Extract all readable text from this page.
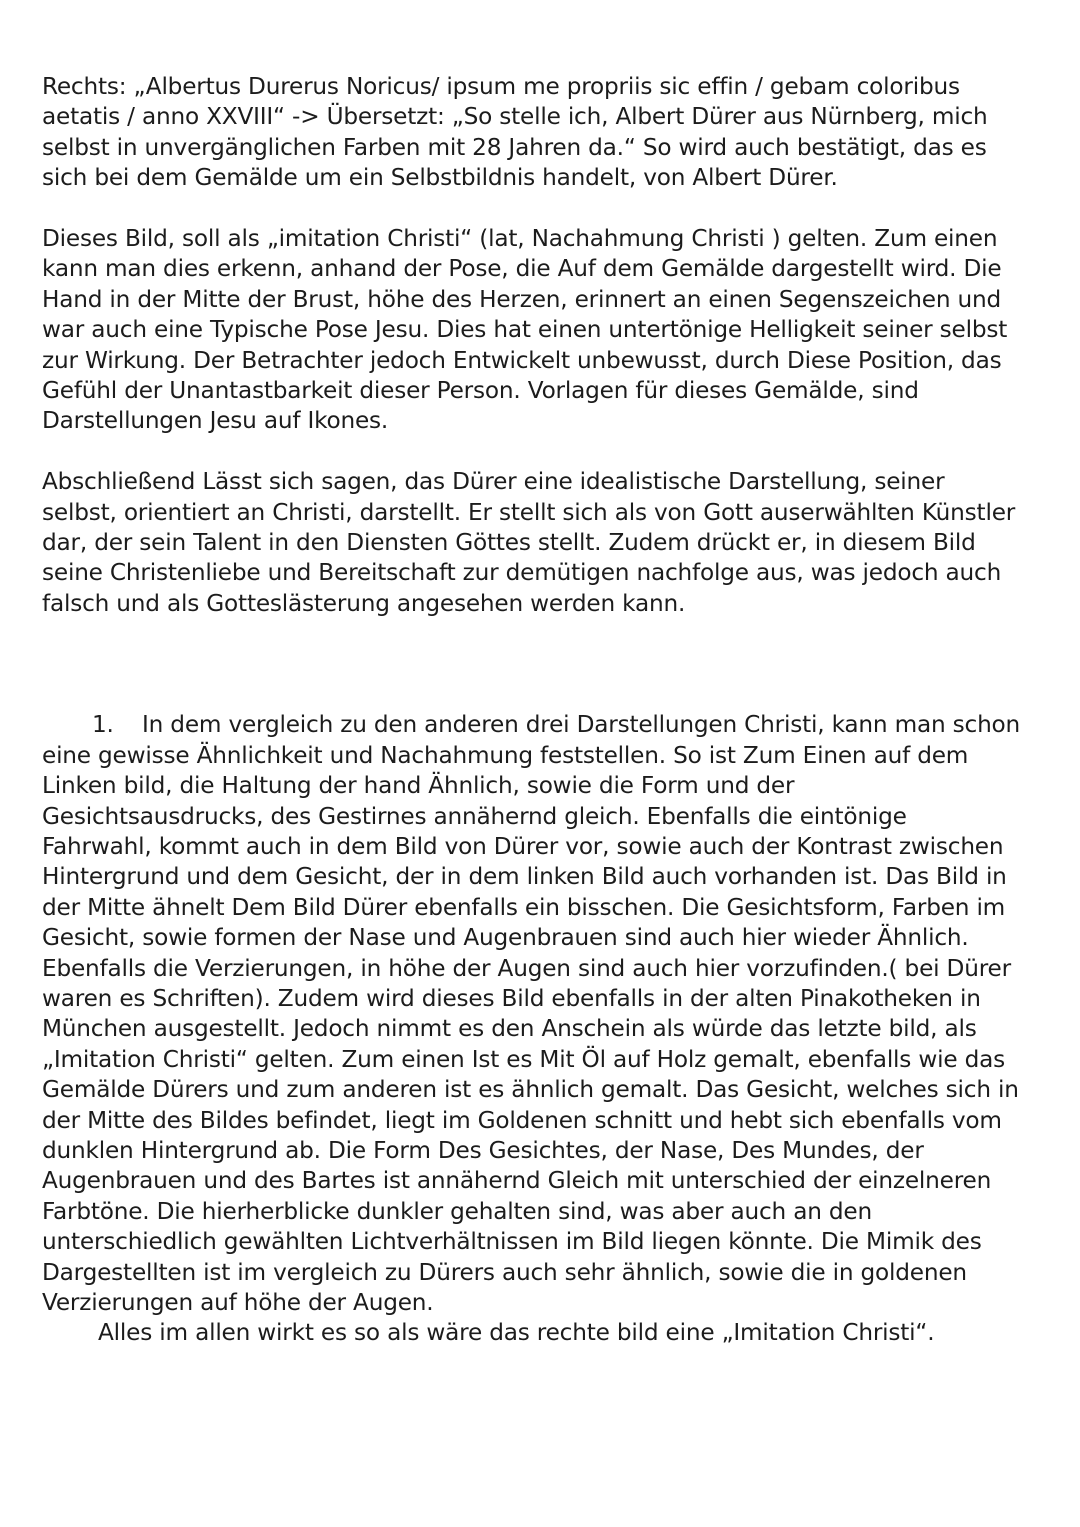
Rechts: „Albertus Durerus Noricus/ ipsum me propriis sic effin / gebam coloribus
aetatis / anno XXVIII“ -> Übersetzt: „So stelle ich, Albert Dürer aus Nürnberg, mich
selbst in unvergänglichen Farben mit 28 Jahren da.“ So wird auch bestätigt, das es
sich bei dem Gemälde um ein Selbstbildnis handelt, von Albert Dürer.
Dieses Bild, soll als „imitation Christi“ (lat, Nachahmung Christi ) gelten. Zum einen
kann man dies erkenn, anhand der Pose, die Auf dem Gemälde dargestellt wird. Die
Hand in der Mitte der Brust, höhe des Herzen, erinnert an einen Segenszeichen und
war auch eine Typische Pose Jesu. Dies hat einen untertönige Helligkeit seiner selbst
zur Wirkung. Der Betrachter jedoch Entwickelt unbewusst, durch Diese Position, das
Gefühl der Unantastbarkeit dieser Person. Vorlagen für dieses Gemälde, sind
Darstellungen Jesu auf Ikones.
Abschließend Lässt sich sagen, das Dürer eine idealistische Darstellung, seiner
selbst, orientiert an Christi, darstellt. Er stellt sich als von Gott auserwählten Künstler
dar, der sein Talent in den Diensten Göttes stellt. Zudem drückt er, in diesem Bild
seine Christenliebe und Bereitschaft zur demütigen nachfolge aus, was jedoch auch
falsch und als Gotteslästerung angesehen werden kann.
1. In dem vergleich zu den anderen drei Darstellungen Christi, kann man schon
eine gewisse Ähnlichkeit und Nachahmung feststellen. So ist Zum Einen auf dem
Linken bild, die Haltung der hand Ähnlich, sowie die Form und der
Gesichtsausdrucks, des Gestirnes annähernd gleich. Ebenfalls die eintönige
Fahrwahl, kommt auch in dem Bild von Dürer vor, sowie auch der Kontrast zwischen
Hintergrund und dem Gesicht, der in dem linken Bild auch vorhanden ist. Das Bild in
der Mitte ähnelt Dem Bild Dürer ebenfalls ein bisschen. Die Gesichtsform, Farben im
Gesicht, sowie formen der Nase und Augenbrauen sind auch hier wieder Ähnlich.
Ebenfalls die Verzierungen, in höhe der Augen sind auch hier vorzufinden.( bei Dürer
waren es Schriften). Zudem wird dieses Bild ebenfalls in der alten Pinakotheken in
München ausgestellt. Jedoch nimmt es den Anschein als würde das letzte bild, als
„Imitation Christi“ gelten. Zum einen Ist es Mit Öl auf Holz gemalt, ebenfalls wie das
Gemälde Dürers und zum anderen ist es ähnlich gemalt. Das Gesicht, welches sich in
der Mitte des Bildes befindet, liegt im Goldenen schnitt und hebt sich ebenfalls vom
dunklen Hintergrund ab. Die Form Des Gesichtes, der Nase, Des Mundes, der
Augenbrauen und des Bartes ist annähernd Gleich mit unterschied der einzelneren
Farbtöne. Die hierherblicke dunkler gehalten sind, was aber auch an den
unterschiedlich gewählten Lichtverhältnissen im Bild liegen könnte. Die Mimik des
Dargestellten ist im vergleich zu Dürers auch sehr ähnlich, sowie die in goldenen
Verzierungen auf höhe der Augen.
Alles im allen wirkt es so als wäre das rechte bild eine „Imitation Christi“.
